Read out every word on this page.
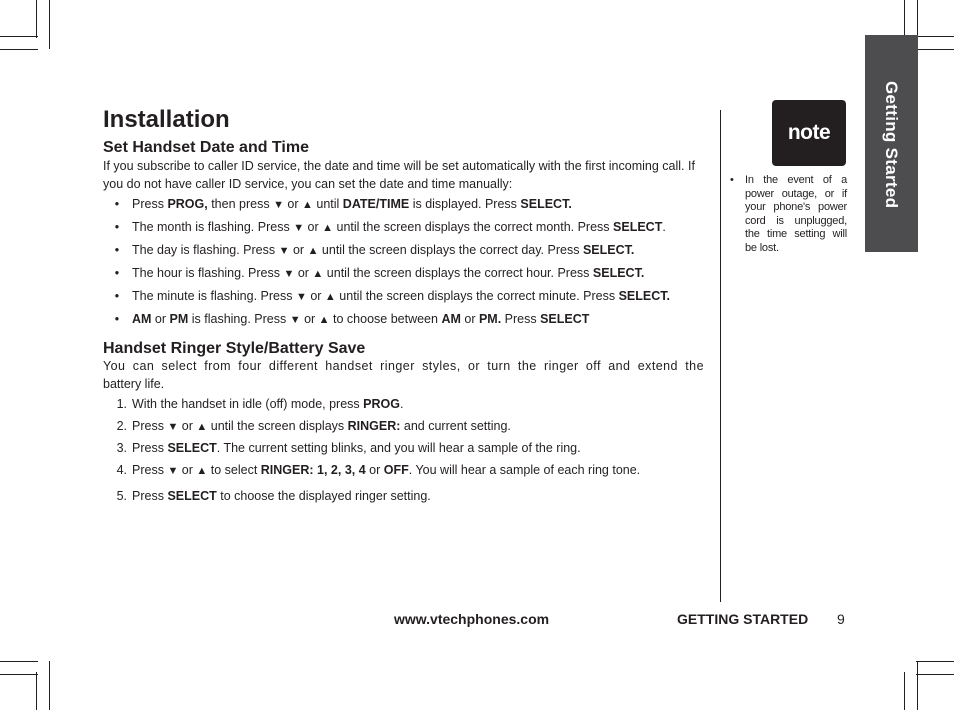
Getting Started
Installation
Set Handset Date and Time

If you subscribe to caller ID service, the date and time will be set automatically with the first incoming call. If you do not have caller ID service, you can set the date and time manually:

•	Press PROG, then press ▼ or ▲ until DATE/TIME is displayed. Press SELECT.
•	The month is flashing. Press ▼ or ▲ until the screen displays the correct month. Press SELECT.
•	The day is flashing. Press ▼ or ▲ until the screen displays the correct day. Press SELECT.
•	The hour is flashing. Press ▼ or ▲ until the screen displays the correct hour. Press SELECT.
•	The minute is flashing. Press ▼ or ▲ until the screen displays the correct minute. Press SELECT.
•	AM or PM is flashing. Press ▼ or ▲ to choose between AM or PM. Press SELECT
Handset Ringer Style/Battery Save

You can select from four different handset ringer styles, or turn the ringer off and extend the
battery life.

1. With the handset in idle (off) mode, press PROG.
2. Press ▼ or ▲ until the screen displays RINGER: and current setting.
3. Press SELECT. The current setting blinks, and you will hear a sample of the ring.
4. Press ▼ or ▲ to select RINGER: 1, 2, 3, 4 or OFF. You will hear a sample of each ring tone.
5. Press SELECT to choose the displayed ringer setting.
note
• In the event of a power outage, or if your phone's power cord is unplugged, the time setting will be lost.
www.vtechphones.com	GETTING STARTED 9
